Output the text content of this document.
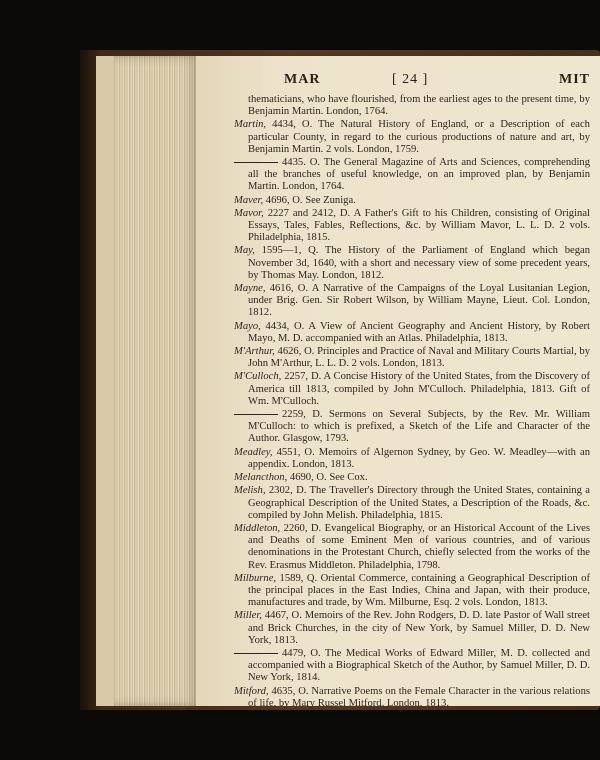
MAR	[ 24 ]	MIT
thematicians, who have flourished, from the earliest ages to the present time, by Benjamin Martin. London, 1764.
Martin, 4434, O. The Natural History of England, or a Description of each particular County, in regard to the curious productions of nature and art, by Benjamin Martin. 2 vols. London, 1759.
4435. O. The General Magazine of Arts and Sciences, comprehending all the branches of useful knowledge, on an improved plan, by Benjamin Martin. London, 1764.
Maver, 4696, O. See Zuniga.
Mavor, 2227 and 2412, D. A Father's Gift to his Children, consisting of Original Essays, Tales, Fables, Reflections, &c. by William Mavor, L. L. D. 2 vols. Philadelphia, 1815.
May, 1595—1, Q. The History of the Parliament of England which began November 3d, 1640, with a short and necessary view of some precedent years, by Thomas May. London, 1812.
Mayne, 4616, O. A Narrative of the Campaigns of the Loyal Lusitanian Legion, under Brig. Gen. Sir Robert Wilson, by William Mayne, Lieut. Col. London, 1812.
Mayo, 4434, O. A View of Ancient Geography and Ancient History, by Robert Mayo, M. D. accompanied with an Atlas. Philadelphia, 1813.
M'Arthur, 4626, O. Principles and Practice of Naval and Military Courts Martial, by John M'Arthur, L. L. D. 2 vols. London, 1813.
M'Culloch, 2257, D. A Concise History of the United States, from the Discovery of America till 1813, compiled by John M'Culloch. Philadelphia, 1813. Gift of Wm. M'Culloch.
2259, D. Sermons on Several Subjects, by the Rev. Mr. William M'Culloch: to which is prefixed, a Sketch of the Life and Character of the Author. Glasgow, 1793.
Meadley, 4551, O. Memoirs of Algernon Sydney, by Geo. W. Meadley—with an appendix. London, 1813.
Melancthon, 4690, O. See Cox.
Melish, 2302, D. The Traveller's Directory through the United States, containing a Geographical Description of the United States, a Description of the Roads, &c. compiled by John Melish. Philadelphia, 1815.
Middleton, 2260, D. Evangelical Biography, or an Historical Account of the Lives and Deaths of some Eminent Men of various countries, and of various denominations in the Protestant Church, chiefly selected from the works of the Rev. Erasmus Middleton. Philadelphia, 1798.
Milburne, 1589, Q. Oriental Commerce, containing a Geographical Description of the principal places in the East Indies, China and Japan, with their produce, manufactures and trade, by Wm. Milburne, Esq. 2 vols. London, 1813.
Miller, 4467, O. Memoirs of the Rev. John Rodgers, D. D. late Pastor of Wall street and Brick Churches, in the city of New York, by Samuel Miller, D. D. New York, 1813.
4479, O. The Medical Works of Edward Miller, M. D. collected and accompanied with a Biographical Sketch of the Author, by Samuel Miller, D. D. New York, 1814.
Mitford, 4635, O. Narrative Poems on the Female Character in the various relations of life, by Mary Russel Mitford. London, 1813.
